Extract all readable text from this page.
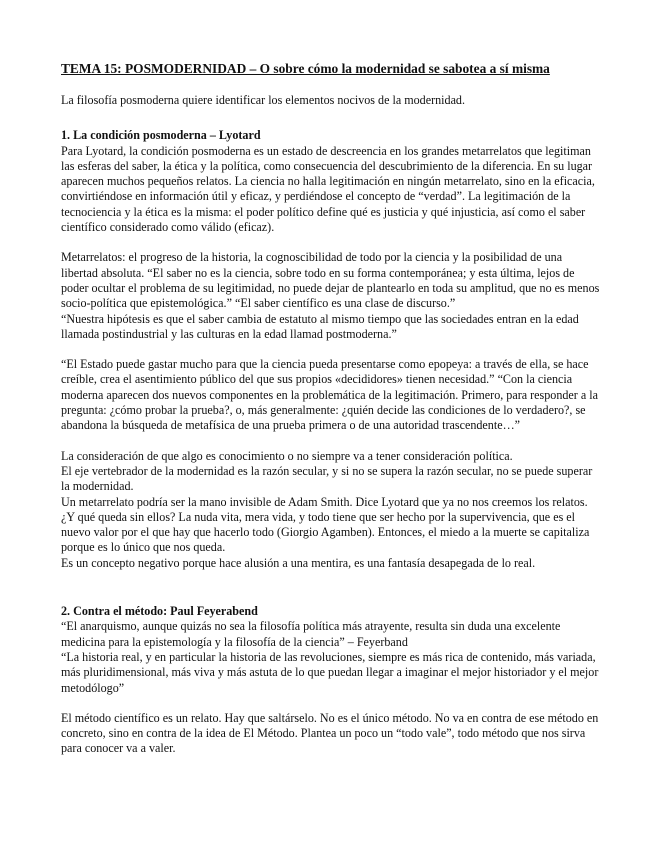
TEMA 15: POSMODERNIDAD – O sobre cómo la modernidad se sabotea a sí misma

La filosofía posmoderna quiere identificar los elementos nocivos de la modernidad.

1. La condición posmoderna – Lyotard

Para Lyotard, la condición posmoderna es un estado de descreencia en los grandes metarrelatos que legitiman las esferas del saber, la ética y la política, como consecuencia del descubrimiento de la diferencia. En su lugar aparecen muchos pequeños relatos. La ciencia no halla legitimación en ningún metarrelato, sino en la eficacia, convirtiéndose en información útil y eficaz, y perdiéndose el concepto de “verdad”. La legitimación de la tecnociencia y la ética es la misma: el poder político define qué es justicia y qué injusticia, así como el saber científico considerado como válido (eficaz).

Metarrelatos: el progreso de la historia, la cognoscibilidad de todo por la ciencia y la posibilidad de una libertad absoluta. “El saber no es la ciencia, sobre todo en su forma contemporánea; y esta última, lejos de poder ocultar el problema de su legitimidad, no puede dejar de plantearlo en toda su amplitud, que no es menos socio-política que epistemológica.” “El saber científico es una clase de discurso.”

“Nuestra hipótesis es que el saber cambia de estatuto al mismo tiempo que las sociedades entran en la edad llamada postindustrial y las culturas en la edad llamad postmoderna.”

“El Estado puede gastar mucho para que la ciencia pueda presentarse como epopeya: a través de ella, se hace creíble, crea el asentimiento público del que sus propios «decididores» tienen necesidad.” “Con la ciencia moderna aparecen dos nuevos componentes en la problemática de la legitimación. Primero, para responder a la pregunta: ¿cómo probar la prueba?, o, más generalmente: ¿quién decide las condiciones de lo verdadero?, se abandona la búsqueda de metafísica de una prueba primera o de una autoridad trascendente…”

La consideración de que algo es conocimiento o no siempre va a tener consideración política.

El eje vertebrador de la modernidad es la razón secular, y si no se supera la razón secular, no se puede superar la modernidad.

Un metarrelato podría ser la mano invisible de Adam Smith. Dice Lyotard que ya no nos creemos los relatos. ¿Y qué queda sin ellos? La nuda vita, mera vida, y todo tiene que ser hecho por la supervivencia, que es el nuevo valor por el que hay que hacerlo todo (Giorgio Agamben). Entonces, el miedo a la muerte se capitaliza porque es lo único que nos queda.

Es un concepto negativo porque hace alusión a una mentira, es una fantasía desapegada de lo real.

2. Contra el método: Paul Feyerabend

“El anarquismo, aunque quizás no sea la filosofía política más atrayente, resulta sin duda una excelente medicina para la epistemología y la filosofía de la ciencia” – Feyerband

“La historia real, y en particular la historia de las revoluciones, siempre es más rica de contenido, más variada, más pluridimensional, más viva y más astuta de lo que puedan llegar a imaginar el mejor historiador y el mejor metodólogo”

El método científico es un relato. Hay que saltárselo. No es el único método. No va en contra de ese método en concreto, sino en contra de la idea de El Método. Plantea un poco un “todo vale”, todo método que nos sirva para conocer va a valer.
